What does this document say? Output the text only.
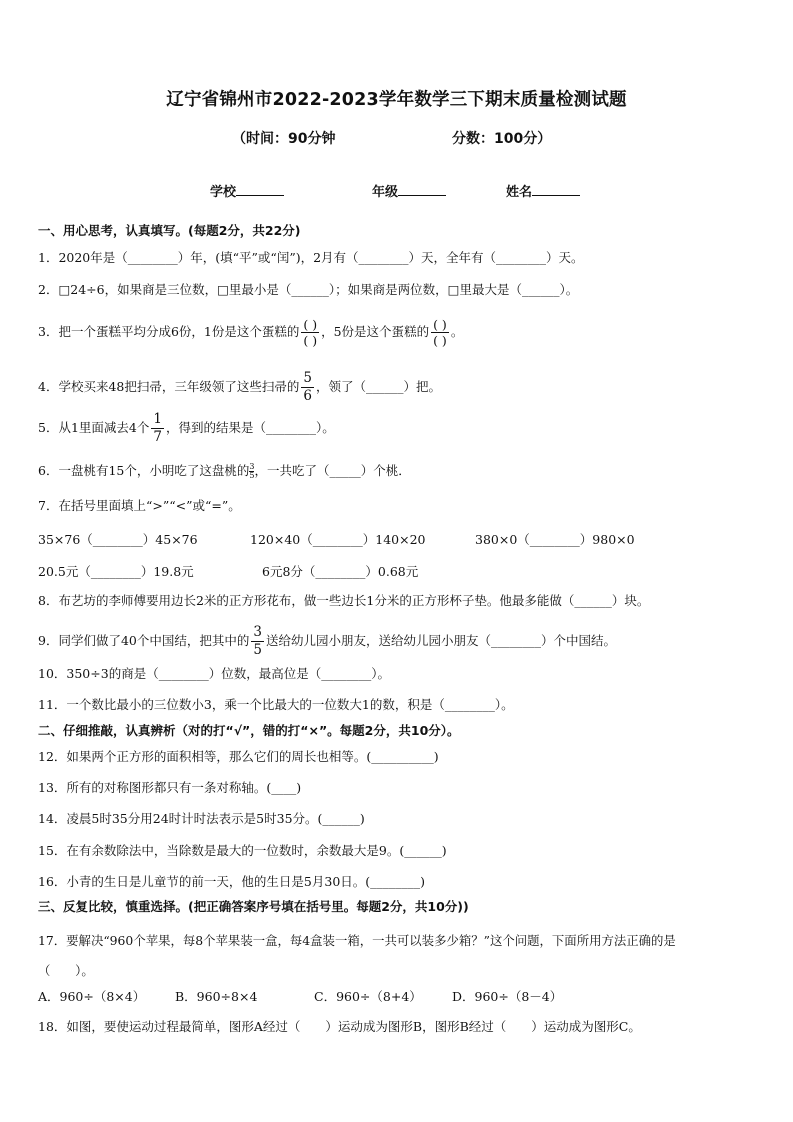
辽宁省锦州市2022-2023学年数学三下期末质量检测试题
（时间：90分钟	分数：100分）
学校	年级	姓名
一、用心思考，认真填写。(每题2分，共22分)
1．2020年是（________）年，(填“平”或“闰”)，2月有（________）天，全年有（________）天。
2．□24÷6，如果商是三位数，□里最小是（______）；如果商是两位数，□里最大是（______）。
3．把一个蛋糕平均分成6份，1份是这个蛋糕的 $\frac{( )}{( )}$ ，5份是这个蛋糕的 $\frac{( )}{( )}$ 。
4．学校买来48把扫帚，三年级领了这些扫帚的 $\frac{5}{6}$ ，领了（______）把。
5．从1里面减去4个 $\frac{1}{7}$ ，得到的结果是（________）。
6．一盘桃有15个，小明吃了这盘桃的 $\frac{3}{5}$，一共吃了（_____）个桃．
7．在括号里面填上“>”“<”或“=”。
35×76（________）45×76	120×40（________）140×20	380×0（________）980×0
20.5元（________）19.8元	6元8分（________）0.68元
8．布艺坊的李师傅要用边长2米的正方形花布，做一些边长1分米的正方形杯子垫。他最多能做（______）块。
9．同学们做了40个中国结，把其中的 $\frac{3}{5}$ 送给幼儿园小朋友，送给幼儿园小朋友（________）个中国结。
10．350÷3的商是（________）位数，最高位是（________）。
11．一个数比最小的三位数小3，乘一个比最大的一位数大1的数，积是（________）。
二、仔细推敲，认真辨析（对的打“√”，错的打“×”。每题2分，共10分）。
12．如果两个正方形的面积相等，那么它们的周长也相等。(__________)
13．所有的对称图形都只有一条对称轴。(____)
14．凌晨5时35分用24时计时法表示是5时35分。(______)
15．在有余数除法中，当除数是最大的一位数时，余数最大是9。(______)
16．小青的生日是儿童节的前一天，他的生日是5月30日。(________)
三、反复比较，慎重选择。(把正确答案序号填在括号里。每题2分，共10分))
17．要解决“960个苹果，每8个苹果装一盒，每4盒装一箱，一共可以装多少箱？”这个问题，下面所用方法正确的是
（　　）。
A．960÷（8×4） B．960÷8×4	C．960÷（8+4） D．960÷（8－4）
18．如图，要使运动过程最简单，图形A经过（　　）运动成为图形B，图形B经过（　　）运动成为图形C。
